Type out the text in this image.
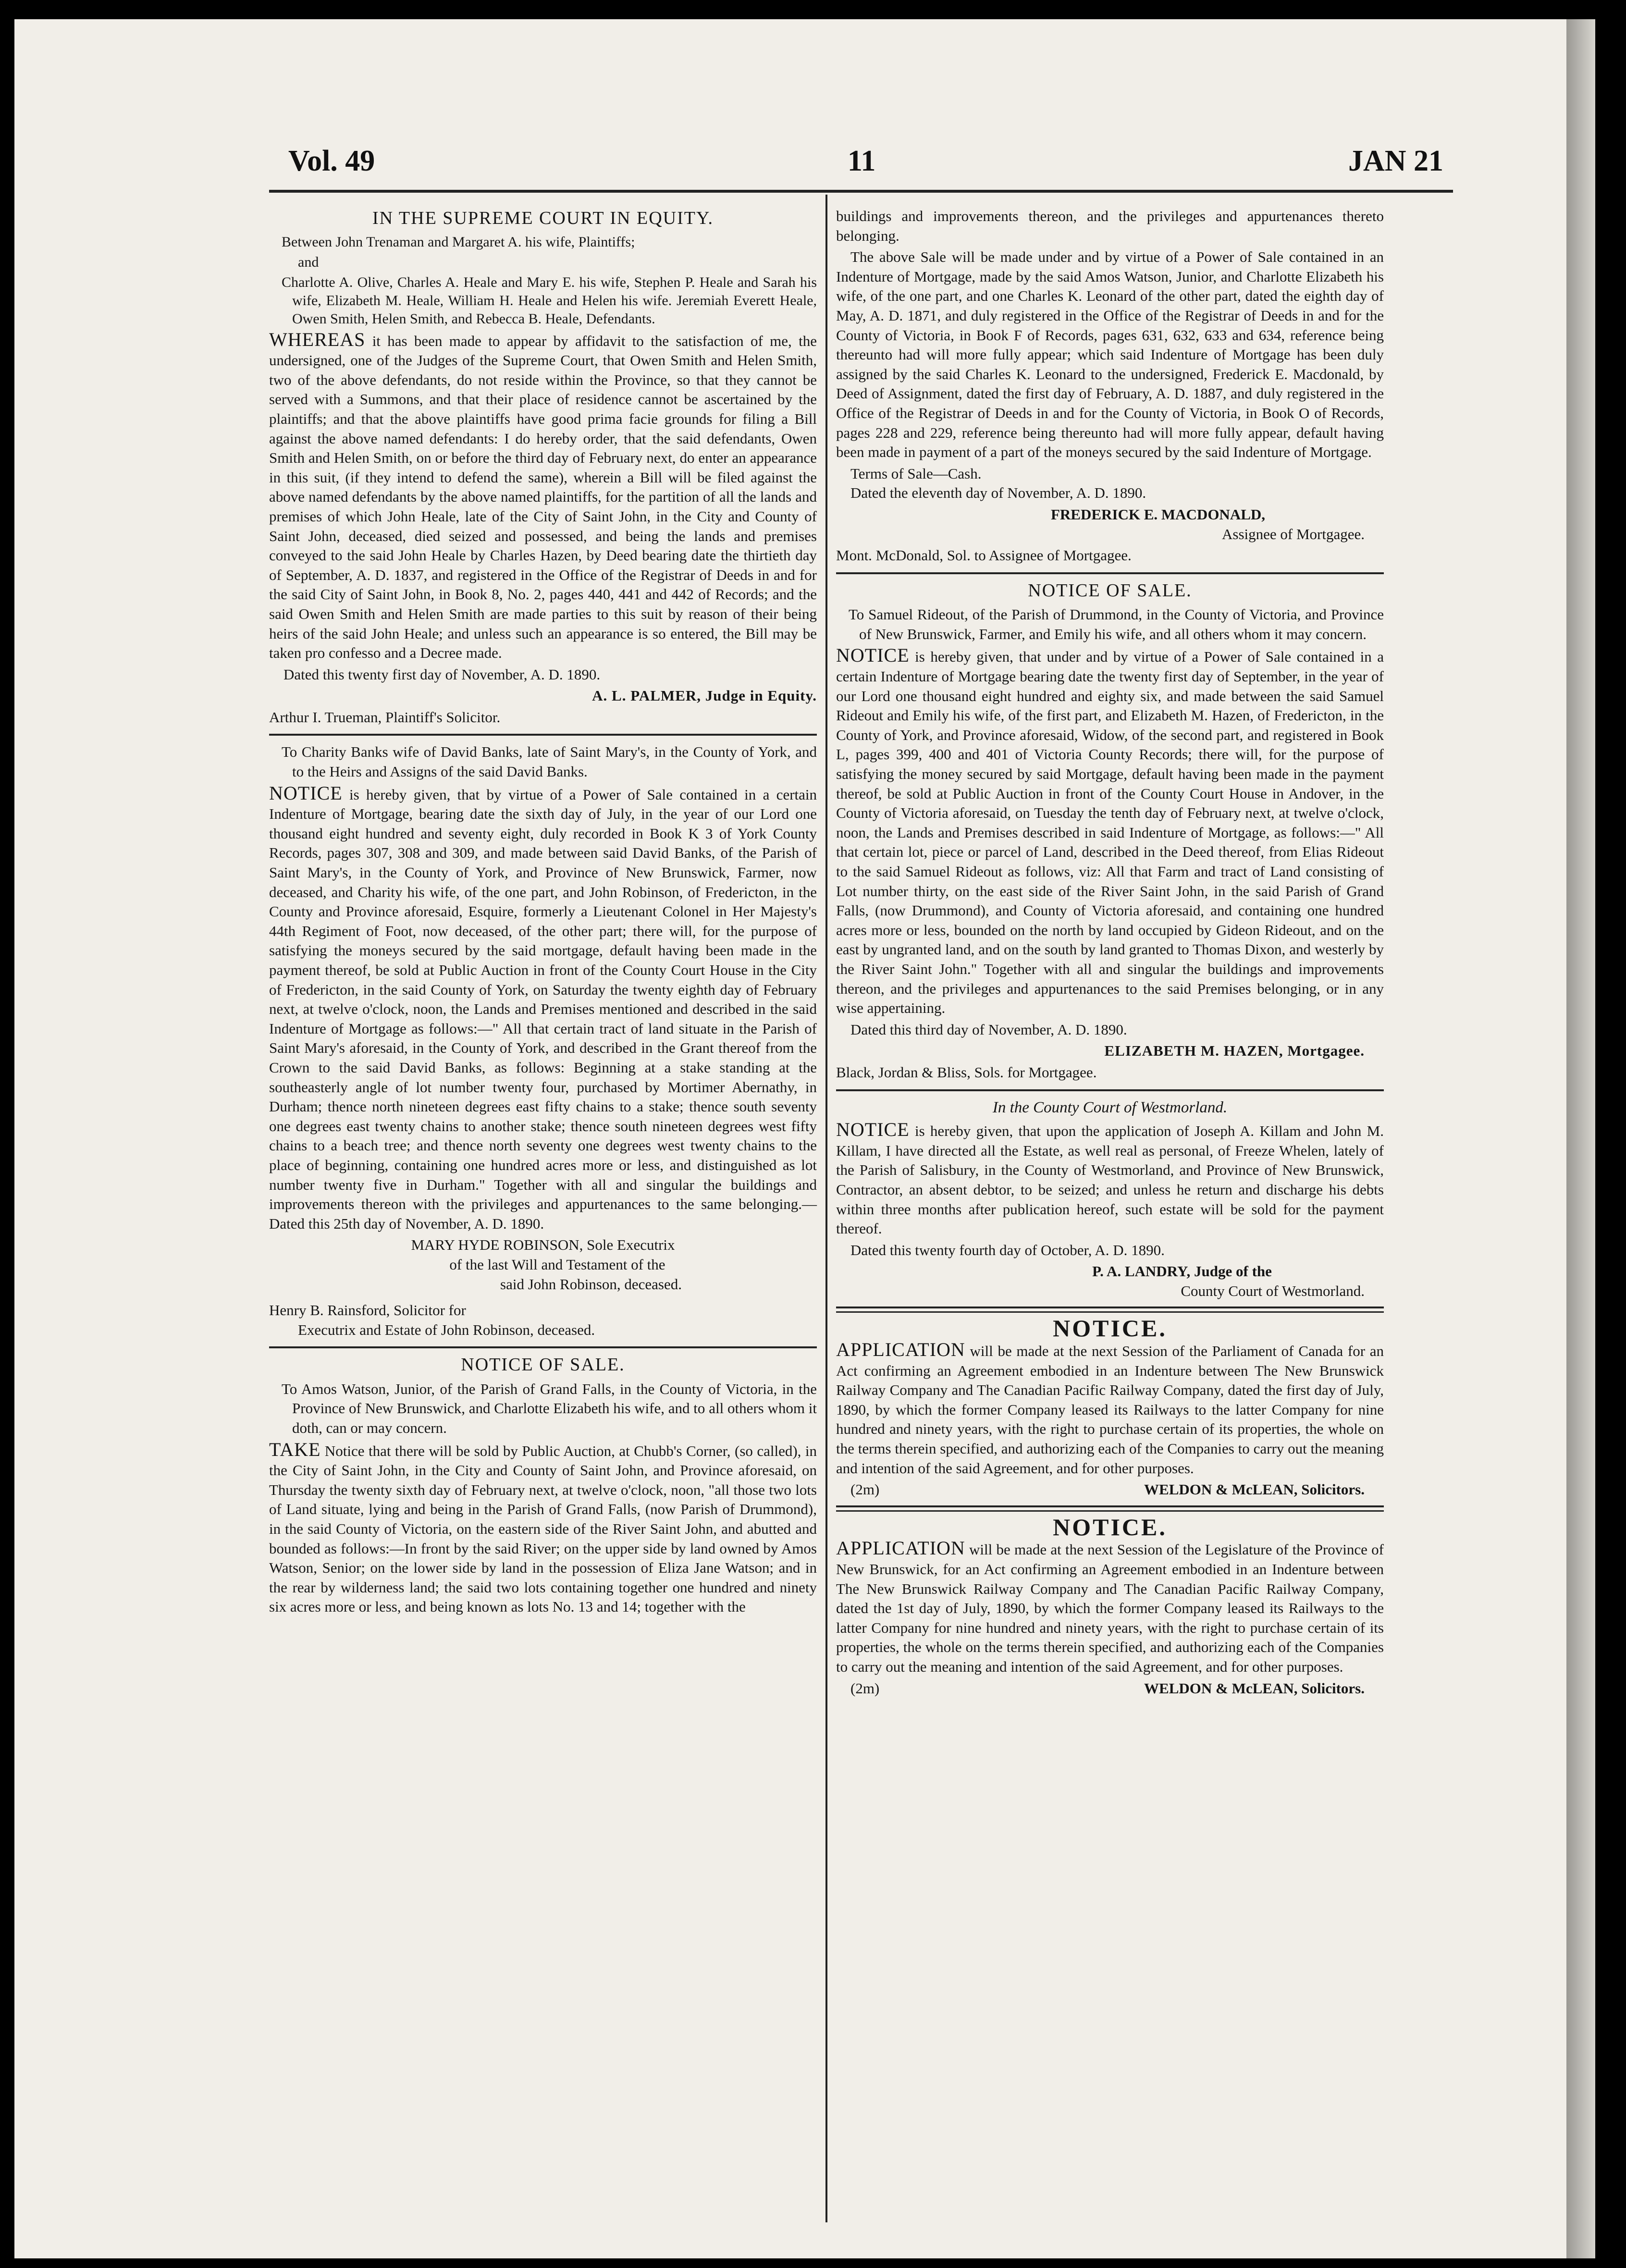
Vol. 49	11	JAN 21
IN THE SUPREME COURT IN EQUITY.

Between John Trenaman and Margaret A. his wife, Plaintiffs;

and

Charlotte A. Olive, Charles A. Heale and Mary E. his wife, Stephen P. Heale and Sarah his wife, Elizabeth M. Heale, William H. Heale and Helen his wife. Jeremiah Everett Heale, Owen Smith, Helen Smith, and Rebecca B. Heale, Defendants.

WHEREAS it has been made to appear by affidavit to the satisfaction of me, the undersigned, one of the Judges of the Supreme Court, that Owen Smith and Helen Smith, two of the above defendants, do not reside within the Province, so that they cannot be served with a Summons, and that their place of residence cannot be ascertained by the plaintiffs; and that the above plaintiffs have good prima facie grounds for filing a Bill against the above named defendants: I do hereby order, that the said defendants, Owen Smith and Helen Smith, on or before the third day of February next, do enter an appearance in this suit, (if they intend to defend the same), wherein a Bill will be filed against the above named defendants by the above named plaintiffs, for the partition of all the lands and premises of which John Heale, late of the City of Saint John, in the City and County of Saint John, deceased, died seized and possessed, and being the lands and premises conveyed to the said John Heale by Charles Hazen, by Deed bearing date the thirtieth day of September, A. D. 1837, and registered in the Office of the Registrar of Deeds in and for the said City of Saint John, in Book 8, No. 2, pages 440, 441 and 442 of Records; and the said Owen Smith and Helen Smith are made parties to this suit by reason of their being heirs of the said John Heale; and unless such an appearance is so entered, the Bill may be taken pro confesso and a Decree made.

Dated this twenty first day of November, A. D. 1890.

A. L. PALMER, Judge in Equity.

Arthur I. Trueman, Plaintiff's Solicitor.

To Charity Banks wife of David Banks, late of Saint Mary's, in the County of York, and to the Heirs and Assigns of the said David Banks.

NOTICE is hereby given, that by virtue of a Power of Sale contained in a certain Indenture of Mortgage, bearing date the sixth day of July, in the year of our Lord one thousand eight hundred and seventy eight, duly recorded in Book K 3 of York County Records, pages 307, 308 and 309, and made between said David Banks, of the Parish of Saint Mary's, in the County of York, and Province of New Brunswick, Farmer, now deceased, and Charity his wife, of the one part, and John Robinson, of Fredericton, in the County and Province aforesaid, Esquire, formerly a Lieutenant Colonel in Her Majesty's 44th Regiment of Foot, now deceased, of the other part; there will, for the purpose of satisfying the moneys secured by the said mortgage, default having been made in the payment thereof, be sold at Public Auction in front of the County Court House in the City of Fredericton, in the said County of York, on Saturday the twenty eighth day of February next, at twelve o'clock, noon, the Lands and Premises mentioned and described in the said Indenture of Mortgage as follows:—" All that certain tract of land situate in the Parish of Saint Mary's aforesaid, in the County of York, and described in the Grant thereof from the Crown to the said David Banks, as follows: Beginning at a stake standing at the southeasterly angle of lot number twenty four, purchased by Mortimer Abernathy, in Durham; thence north nineteen degrees east fifty chains to a stake; thence south seventy one degrees east twenty chains to another stake; thence south nineteen degrees west fifty chains to a beach tree; and thence north seventy one degrees west twenty chains to the place of beginning, containing one hundred acres more or less, and distinguished as lot number twenty five in Durham." Together with all and singular the buildings and improvements thereon with the privileges and appurtenances to the same belonging.—Dated this 25th day of November, A. D. 1890.

MARY HYDE ROBINSON, Sole Executrix

of the last Will and Testament of the

said John Robinson, deceased.

Henry B. Rainsford, Solicitor for

Executrix and Estate of John Robinson, deceased.

NOTICE OF SALE.

To Amos Watson, Junior, of the Parish of Grand Falls, in the County of Victoria, in the Province of New Brunswick, and Charlotte Elizabeth his wife, and to all others whom it doth, can or may concern.

TAKE Notice that there will be sold by Public Auction, at Chubb's Corner, (so called), in the City of Saint John, in the City and County of Saint John, and Province aforesaid, on Thursday the twenty sixth day of February next, at twelve o'clock, noon, "all those two lots of Land situate, lying and being in the Parish of Grand Falls, (now Parish of Drummond), in the said County of Victoria, on the eastern side of the River Saint John, and abutted and bounded as follows:—In front by the said River; on the upper side by land owned by Amos Watson, Senior; on the lower side by land in the possession of Eliza Jane Watson; and in the rear by wilderness land; the said two lots containing together one hundred and ninety six acres more or less, and being known as lots No. 13 and 14; together with the

buildings and improvements thereon, and the privileges and appurtenances thereto belonging.

The above Sale will be made under and by virtue of a Power of Sale contained in an Indenture of Mortgage, made by the said Amos Watson, Junior, and Charlotte Elizabeth his wife, of the one part, and one Charles K. Leonard of the other part, dated the eighth day of May, A. D. 1871, and duly registered in the Office of the Registrar of Deeds in and for the County of Victoria, in Book F of Records, pages 631, 632, 633 and 634, reference being thereunto had will more fully appear; which said Indenture of Mortgage has been duly assigned by the said Charles K. Leonard to the undersigned, Frederick E. Macdonald, by Deed of Assignment, dated the first day of February, A. D. 1887, and duly registered in the Office of the Registrar of Deeds in and for the County of Victoria, in Book O of Records, pages 228 and 229, reference being thereunto had will more fully appear, default having been made in payment of a part of the moneys secured by the said Indenture of Mortgage.

Terms of Sale—Cash.

Dated the eleventh day of November, A. D. 1890.

FREDERICK E. MACDONALD,

Assignee of Mortgagee.

Mont. McDonald, Sol. to Assignee of Mortgagee.

NOTICE OF SALE.

To Samuel Rideout, of the Parish of Drummond, in the County of Victoria, and Province of New Brunswick, Farmer, and Emily his wife, and all others whom it may concern.

NOTICE is hereby given, that under and by virtue of a Power of Sale contained in a certain Indenture of Mortgage bearing date the twenty first day of September, in the year of our Lord one thousand eight hundred and eighty six, and made between the said Samuel Rideout and Emily his wife, of the first part, and Elizabeth M. Hazen, of Fredericton, in the County of York, and Province aforesaid, Widow, of the second part, and registered in Book L, pages 399, 400 and 401 of Victoria County Records; there will, for the purpose of satisfying the money secured by said Mortgage, default having been made in the payment thereof, be sold at Public Auction in front of the County Court House in Andover, in the County of Victoria aforesaid, on Tuesday the tenth day of February next, at twelve o'clock, noon, the Lands and Premises described in said Indenture of Mortgage, as follows:—" All that certain lot, piece or parcel of Land, described in the Deed thereof, from Elias Rideout to the said Samuel Rideout as follows, viz: All that Farm and tract of Land consisting of Lot number thirty, on the east side of the River Saint John, in the said Parish of Grand Falls, (now Drummond), and County of Victoria aforesaid, and containing one hundred acres more or less, bounded on the north by land occupied by Gideon Rideout, and on the east by ungranted land, and on the south by land granted to Thomas Dixon, and westerly by the River Saint John." Together with all and singular the buildings and improvements thereon, and the privileges and appurtenances to the said Premises belonging, or in any wise appertaining.

Dated this third day of November, A. D. 1890.

ELIZABETH M. HAZEN, Mortgagee.

Black, Jordan & Bliss, Sols. for Mortgagee.

In the County Court of Westmorland.

NOTICE is hereby given, that upon the application of Joseph A. Killam and John M. Killam, I have directed all the Estate, as well real as personal, of Freeze Whelen, lately of the Parish of Salisbury, in the County of Westmorland, and Province of New Brunswick, Contractor, an absent debtor, to be seized; and unless he return and discharge his debts within three months after publication hereof, such estate will be sold for the payment thereof.

Dated this twenty fourth day of October, A. D. 1890.

P. A. LANDRY, Judge of the

County Court of Westmorland.

NOTICE.

APPLICATION will be made at the next Session of the Parliament of Canada for an Act confirming an Agreement embodied in an Indenture between The New Brunswick Railway Company and The Canadian Pacific Railway Company, dated the first day of July, 1890, by which the former Company leased its Railways to the latter Company for nine hundred and ninety years, with the right to purchase certain of its properties, the whole on the terms therein specified, and authorizing each of the Companies to carry out the meaning and intention of the said Agreement, and for other purposes.

(2m)	WELDON & McLEAN, Solicitors.
NOTICE.

APPLICATION will be made at the next Session of the Legislature of the Province of New Brunswick, for an Act confirming an Agreement embodied in an Indenture between The New Brunswick Railway Company and The Canadian Pacific Railway Company, dated the 1st day of July, 1890, by which the former Company leased its Railways to the latter Company for nine hundred and ninety years, with the right to purchase certain of its properties, the whole on the terms therein specified, and authorizing each of the Companies to carry out the meaning and intention of the said Agreement, and for other purposes.

(2m)	WELDON & McLEAN, Solicitors.
